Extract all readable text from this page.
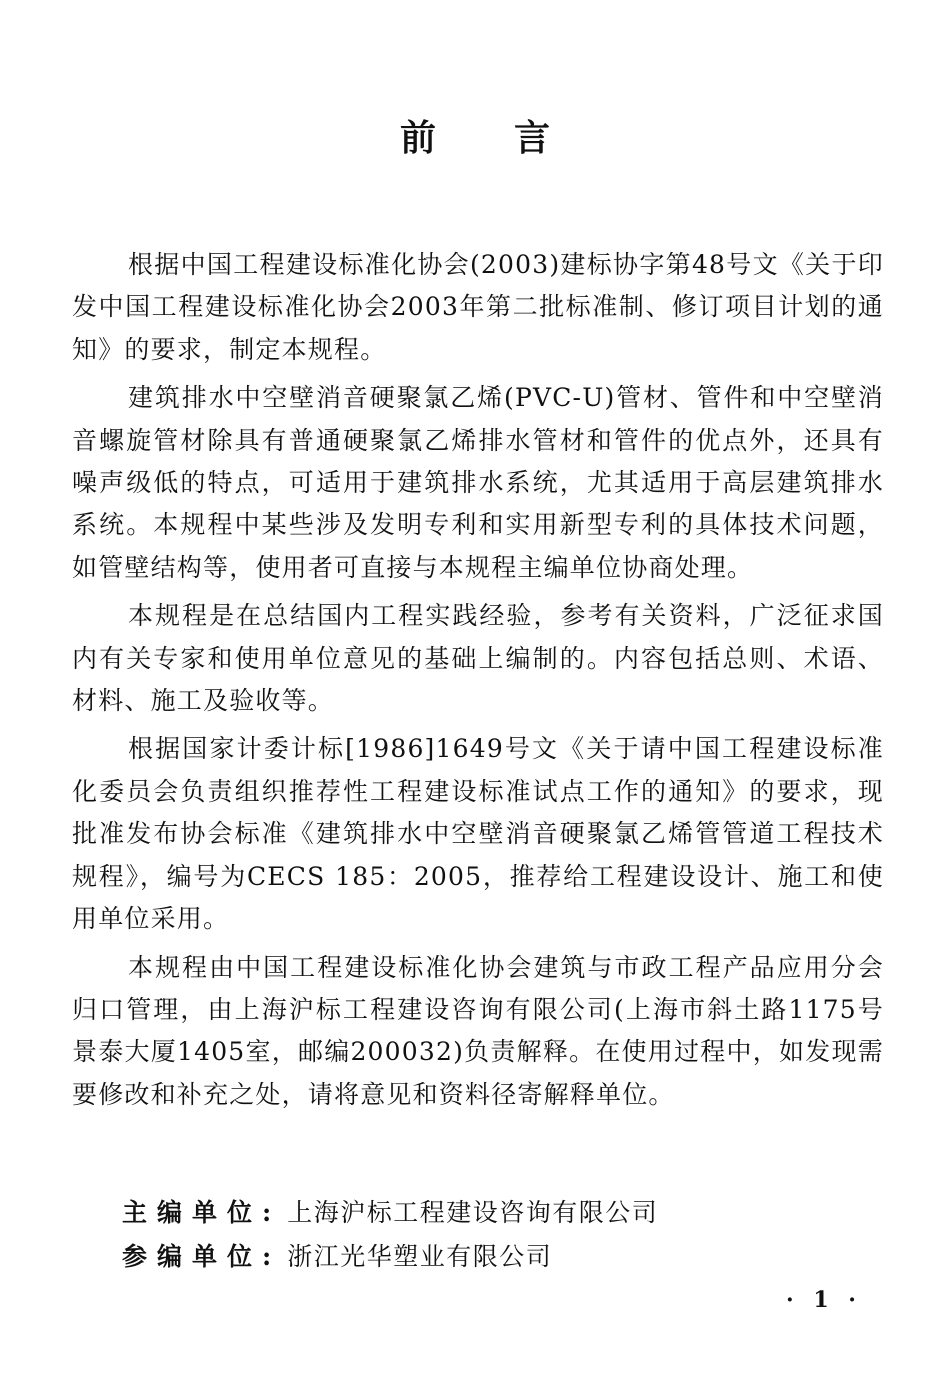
前言

根据中国工程建设标准化协会(2003)建标协字第48号文《关于印发中国工程建设标准化协会2003年第二批标准制、修订项目计划的通知》的要求，制定本规程。

建筑排水中空壁消音硬聚氯乙烯(PVC-U)管材、管件和中空壁消音螺旋管材除具有普通硬聚氯乙烯排水管材和管件的优点外，还具有噪声级低的特点，可适用于建筑排水系统，尤其适用于高层建筑排水系统。本规程中某些涉及发明专利和实用新型专利的具体技术问题，如管壁结构等，使用者可直接与本规程主编单位协商处理。

本规程是在总结国内工程实践经验，参考有关资料，广泛征求国内有关专家和使用单位意见的基础上编制的。内容包括总则、术语、材料、施工及验收等。

根据国家计委计标[1986]1649号文《关于请中国工程建设标准化委员会负责组织推荐性工程建设标准试点工作的通知》的要求，现批准发布协会标准《建筑排水中空壁消音硬聚氯乙烯管管道工程技术规程》，编号为CECS 185：2005，推荐给工程建设设计、施工和使用单位采用。

本规程由中国工程建设标准化协会建筑与市政工程产品应用分会归口管理，由上海沪标工程建设咨询有限公司(上海市斜土路1175号景泰大厦1405室，邮编200032)负责解释。在使用过程中，如发现需要修改和补充之处，请将意见和资料径寄解释单位。

主编单位: 上海沪标工程建设咨询有限公司
参编单位: 浙江光华塑业有限公司
· 1 ·
